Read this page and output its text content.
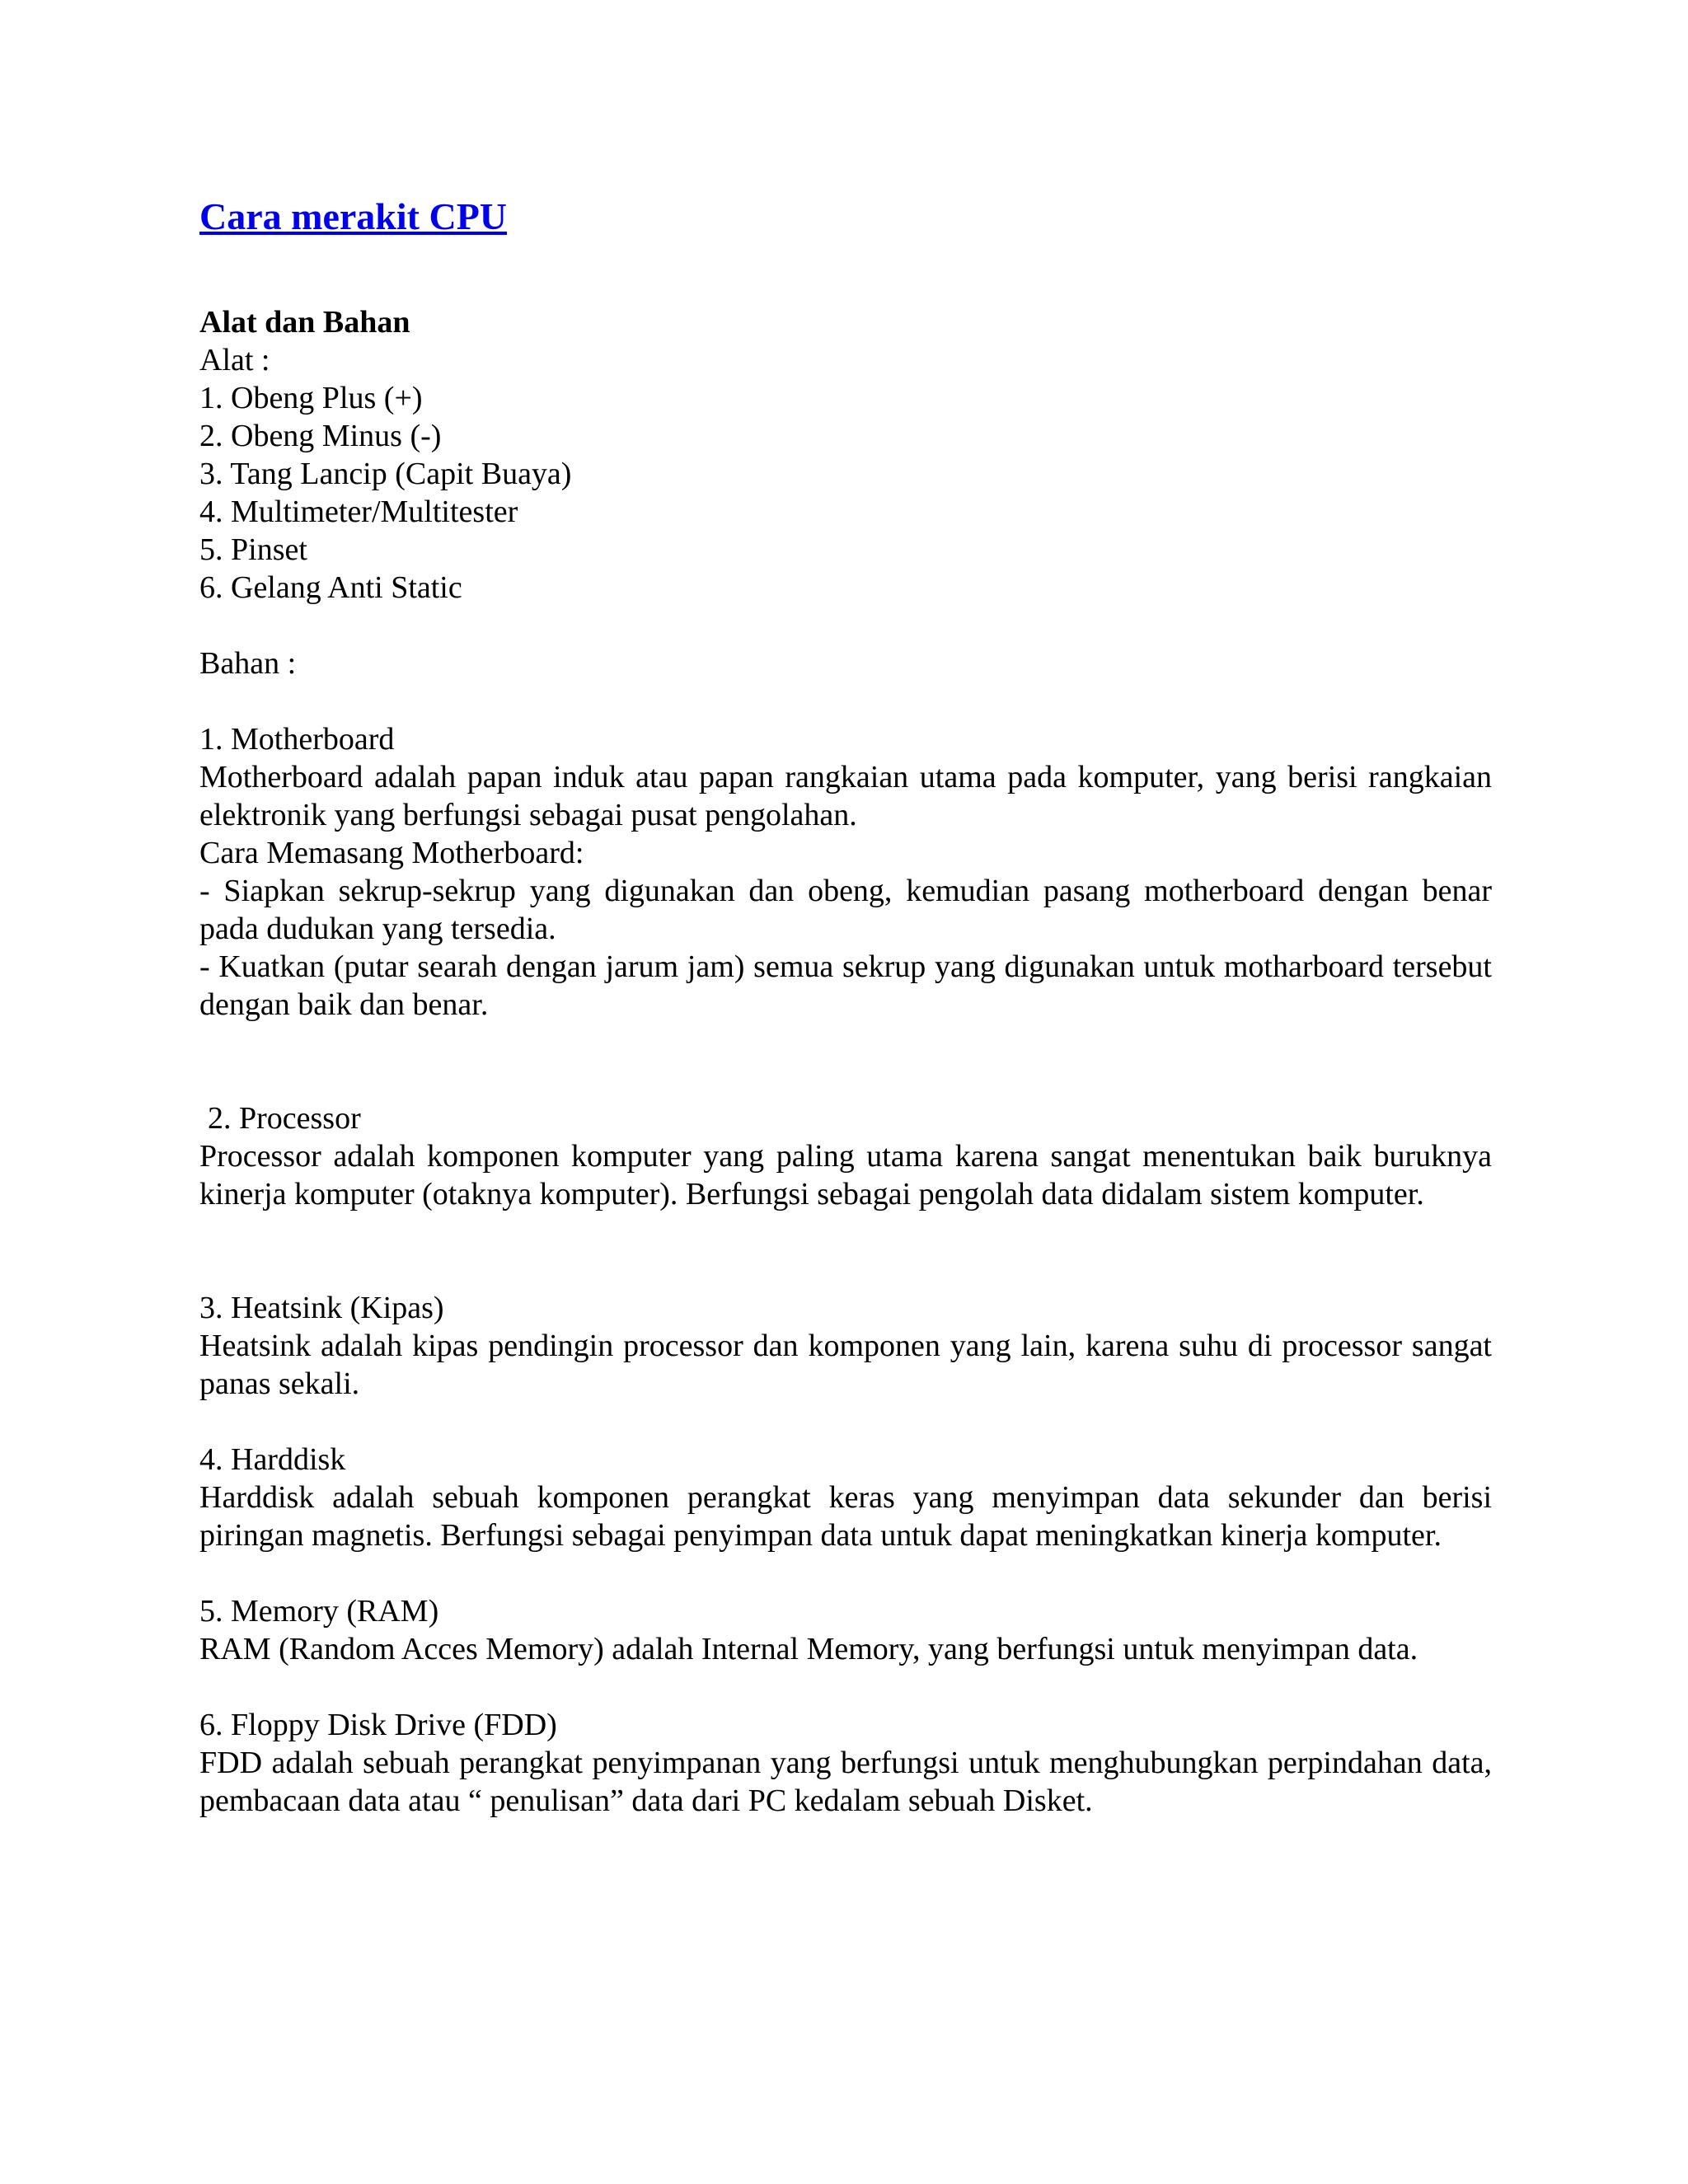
Cara merakit CPU

Alat dan Bahan

Alat :

1. Obeng Plus (+)

2. Obeng Minus (-)

3. Tang Lancip (Capit Buaya)

4. Multimeter/Multitester

5. Pinset

6. Gelang Anti Static

Bahan :

1. Motherboard

Motherboard adalah papan induk atau papan rangkaian utama pada komputer, yang berisi rangkaian elektronik yang berfungsi sebagai pusat pengolahan.

Cara Memasang Motherboard:

- Siapkan sekrup-sekrup yang digunakan dan obeng, kemudian pasang motherboard dengan benar pada dudukan yang tersedia.

- Kuatkan (putar searah dengan jarum jam) semua sekrup yang digunakan untuk motharboard tersebut dengan baik dan benar.

2. Processor

Processor adalah komponen komputer yang paling utama karena sangat menentukan baik buruknya kinerja komputer (otaknya komputer). Berfungsi sebagai pengolah data didalam sistem komputer.

3. Heatsink (Kipas)

Heatsink adalah kipas pendingin processor dan komponen yang lain, karena suhu di processor sangat panas sekali.

4. Harddisk

Harddisk adalah sebuah komponen perangkat keras yang menyimpan data sekunder dan berisi piringan magnetis. Berfungsi sebagai penyimpan data untuk dapat meningkatkan kinerja komputer.

5. Memory (RAM)

RAM (Random Acces Memory) adalah Internal Memory, yang berfungsi untuk menyimpan data.

6. Floppy Disk Drive (FDD)

FDD adalah sebuah perangkat penyimpanan yang berfungsi untuk menghubungkan perpindahan data, pembacaan data atau “ penulisan” data dari PC kedalam sebuah Disket.
